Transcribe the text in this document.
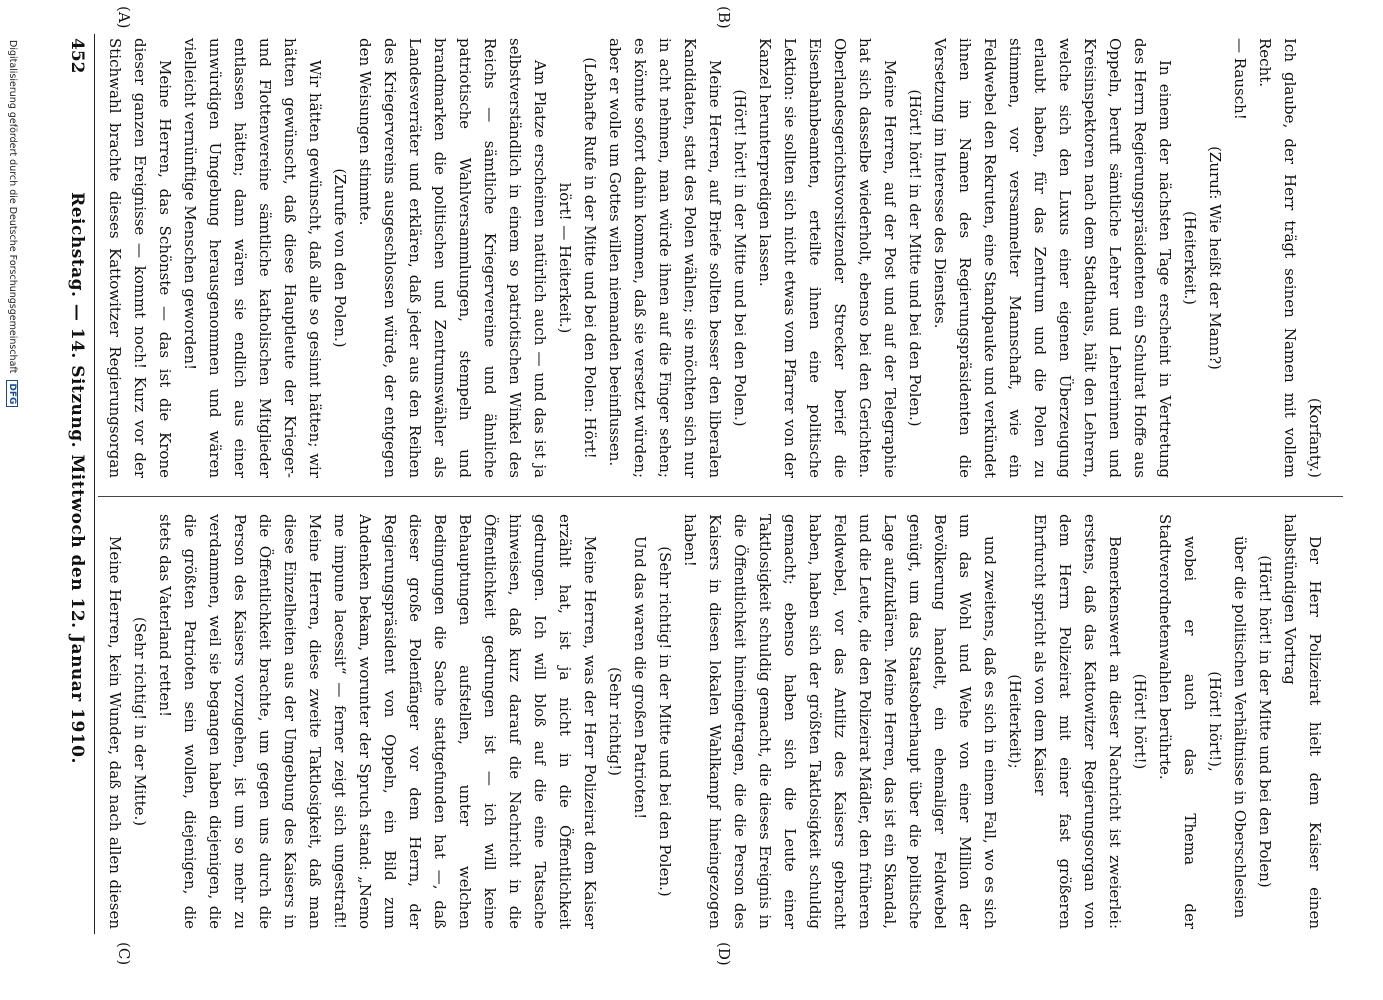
452
Reichstag. — 14. Sitzung. Mittwoch den 12. Januar 1910.
(A)	(B)
(C)	(D)

(Korfanty.)

Ich glaube, der Herr trägt seinen Namen mit vollem Recht.

— Rausch!

(Zuruf: Wie heißt der Mann?)

(Heiterkeit.)

In einem der nächsten Tage erscheint in Vertretung des Herrn Regierungspräsidenten ein Schulrat Hoffe aus Oppeln, beruft sämtliche Lehrer und Lehrerinnen und Kreisinspektoren nach dem Stadthaus, hält den Lehrern, welche sich den Luxus einer eigenen Überzeugung erlaubt haben, für das Zentrum und die Polen zu stimmen, vor versammelter Mannschaft, wie ein Feldwebel den Rekruten, eine Standpauke und verkündet ihnen im Namen des Regierungspräsidenten die Versetzung im Interesse des Dienstes.

(Hört! hört! in der Mitte und bei den Polen.)

Meine Herren, auf der Post und auf der Telegraphie hat sich dasselbe wiederholt, ebenso bei den Gerichten. Oberlandesgerichtsvorsitzender Strecker berief die Eisenbahnbeamten, erteilte ihnen eine politische Lektion: sie sollten sich nicht etwas vom Pfarrer von der Kanzel herunterpredigen lassen.

(Hört! hört! in der Mitte und bei den Polen.)

Meine Herren, auf Briefe sollten besser den liberalen Kandidaten, statt des Polen wählen; sie möchten sich nur in acht nehmen, man würde ihnen auf die Finger sehen; es könnte sofort dahin kommen, daß sie versetzt würden; aber er wolle um Gottes willen niemanden beeinflussen.

(Lebhafte Rufe in der Mitte und bei den Polen: Hört! hört! — Heiterkeit.)

Am Platze erscheinen natürlich auch — und das ist ja selbstverständlich in einem so patriotischen Winkel des Reichs — sämtliche Kriegervereine und ähnliche patriotische Wahlversammlungen, stempeln und brandmarken die politischen und Zentrumswähler als Landesverräter und erklären, daß jeder aus den Reihen des Kriegervereins ausgeschlossen würde, der entgegen den Weisungen stimmte.

(Zurufe von den Polen.)

Wir hätten gewünscht, daß alle so gesinnt hätten; wir hätten gewünscht, daß diese Hauptleute der Krieger- und Flottenvereine sämtliche katholischen Mitglieder entlassen hätten; dann wären sie endlich aus einer unwürdigen Umgebung herausgenommen und wären vielleicht vernünftige Menschen geworden!

Meine Herren, das Schönste — das ist die Krone dieser ganzen Ereignisse — kommt noch! Kurz vor der Stichwahl brachte dieses Kattowitzer Regierungsorgan

Der Herr Polizeirat hielt dem Kaiser einen halbstündigen Vortrag

(Hört! hört! in der Mitte und bei den Polen)

über die politischen Verhältnisse in Oberschlesien

(Hört! hört!),

wobei er auch das Thema der Stadtverordnetenwahlen berührte.

(Hört! hört!)

Bemerkenswert an dieser Nachricht ist zweierlei: erstens, daß das Kattowitzer Regierungsorgan von dem Herrn Polizeirat mit einer fast größeren Ehrfurcht spricht als von dem Kaiser

(Heiterkeit);

und zweitens, daß es sich in einem Fall, wo es sich um das Wohl und Wehe von einer Million der Bevölkerung handelt, ein ehemaliger Feldwebel genügt, um das Staatsoberhaupt über die politische Lage aufzuklären. Meine Herren, das ist ein Skandal, und die Leute, die den Polizeirat Mädler, den früheren Feldwebel, vor das Antlitz des Kaisers gebracht haben, haben sich der größten Taktlosigkeit schuldig gemacht; ebenso haben sich die Leute einer Taktlosigkeit schuldig gemacht, die dieses Ereignis in die Öffentlichkeit hineingetragen, die die Person des Kaisers in diesen lokalen Wahlkampf hineingezogen haben!

(Sehr richtig! in der Mitte und bei den Polen.)

Und das waren die großen Patrioten!

(Sehr richtig!)

Meine Herren, was der Herr Polizeirat dem Kaiser erzählt hat, ist ja nicht in die Öffentlichkeit gedrungen. Ich will bloß auf die eine Tatsache hinweisen, daß kurz darauf die Nachricht in die Öffentlichkeit gedrungen ist — ich will keine Behauptungen aufstellen, unter welchen Bedingungen die Sache stattgefunden hat —, daß dieser große Polenfänger vor dem Herrn, der Regierungspräsident von Oppeln, ein Bild zum Andenken bekam, worunter der Spruch stand: „Nemo me impune lacessit“ — ferner zeigt sich ungestraft! Meine Herren, diese zweite Taktlosigkeit, daß man diese Einzelheiten aus der Umgebung des Kaisers in die Öffentlichkeit brachte, um gegen uns durch die Person des Kaisers vorzugehen, ist um so mehr zu verdammen, weil sie begangen haben diejenigen, die die größten Patrioten sein wollen, diejenigen, die stets das Vaterland retten!

(Sehr richtig! in der Mitte.)

Meine Herren, kein Wunder, daß nach allen diesen

Digitalisierung gefördert durch die Deutsche Forschungsgemeinschaft DFG
